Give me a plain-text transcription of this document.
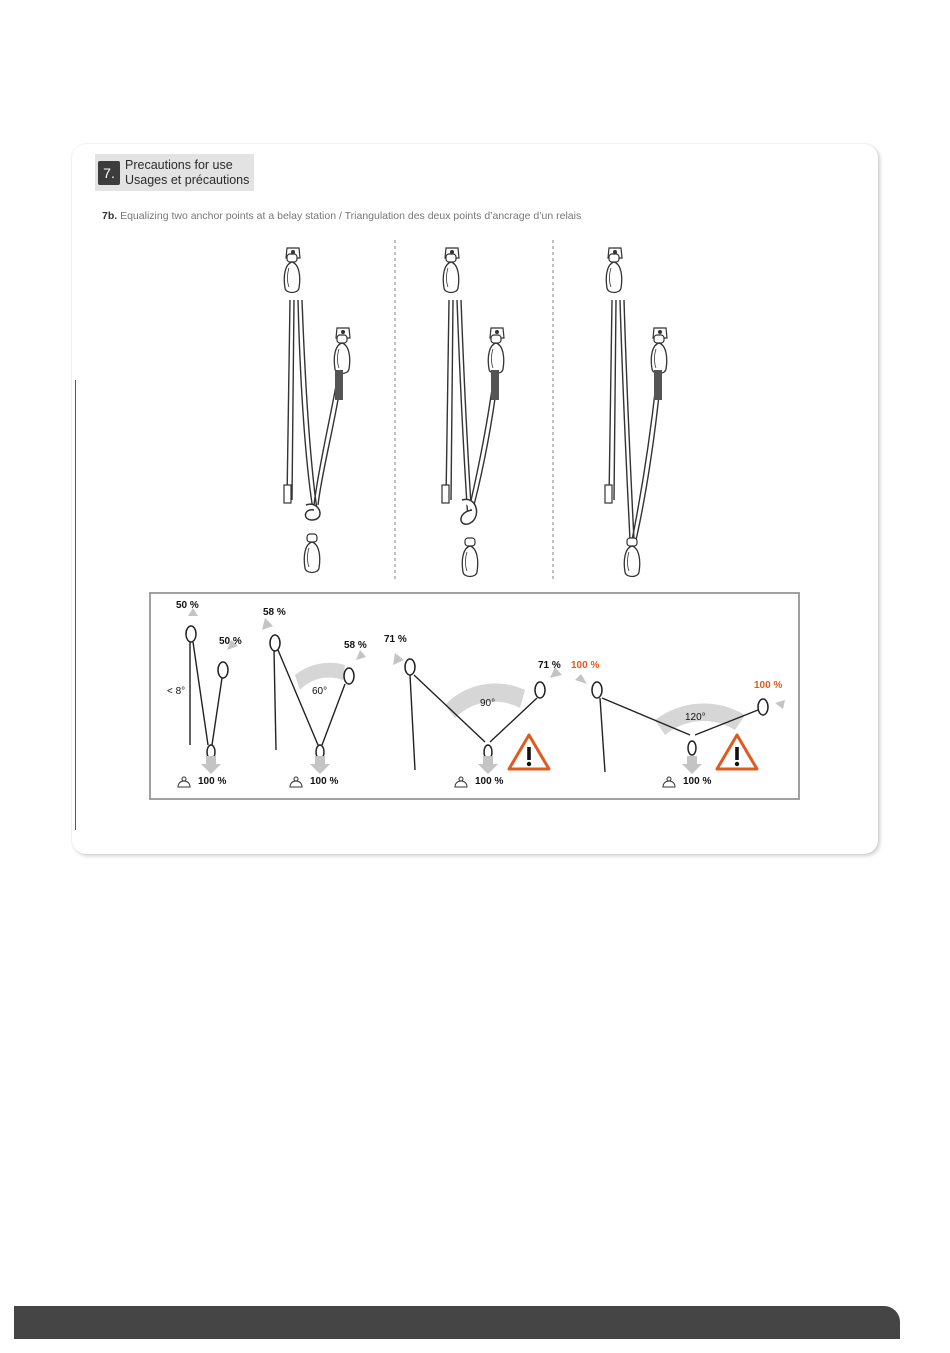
7. Precautions for use
Usages et précautions
7b. Equalizing two anchor points at a belay station / Triangulation des deux points d’ancrage d’un relais
50 %
50 %
< 8°
100 %
58 %
58 %
60°
100 %
71 %
71 %
90°
100 %
100 %
100 %
120°
100 %
